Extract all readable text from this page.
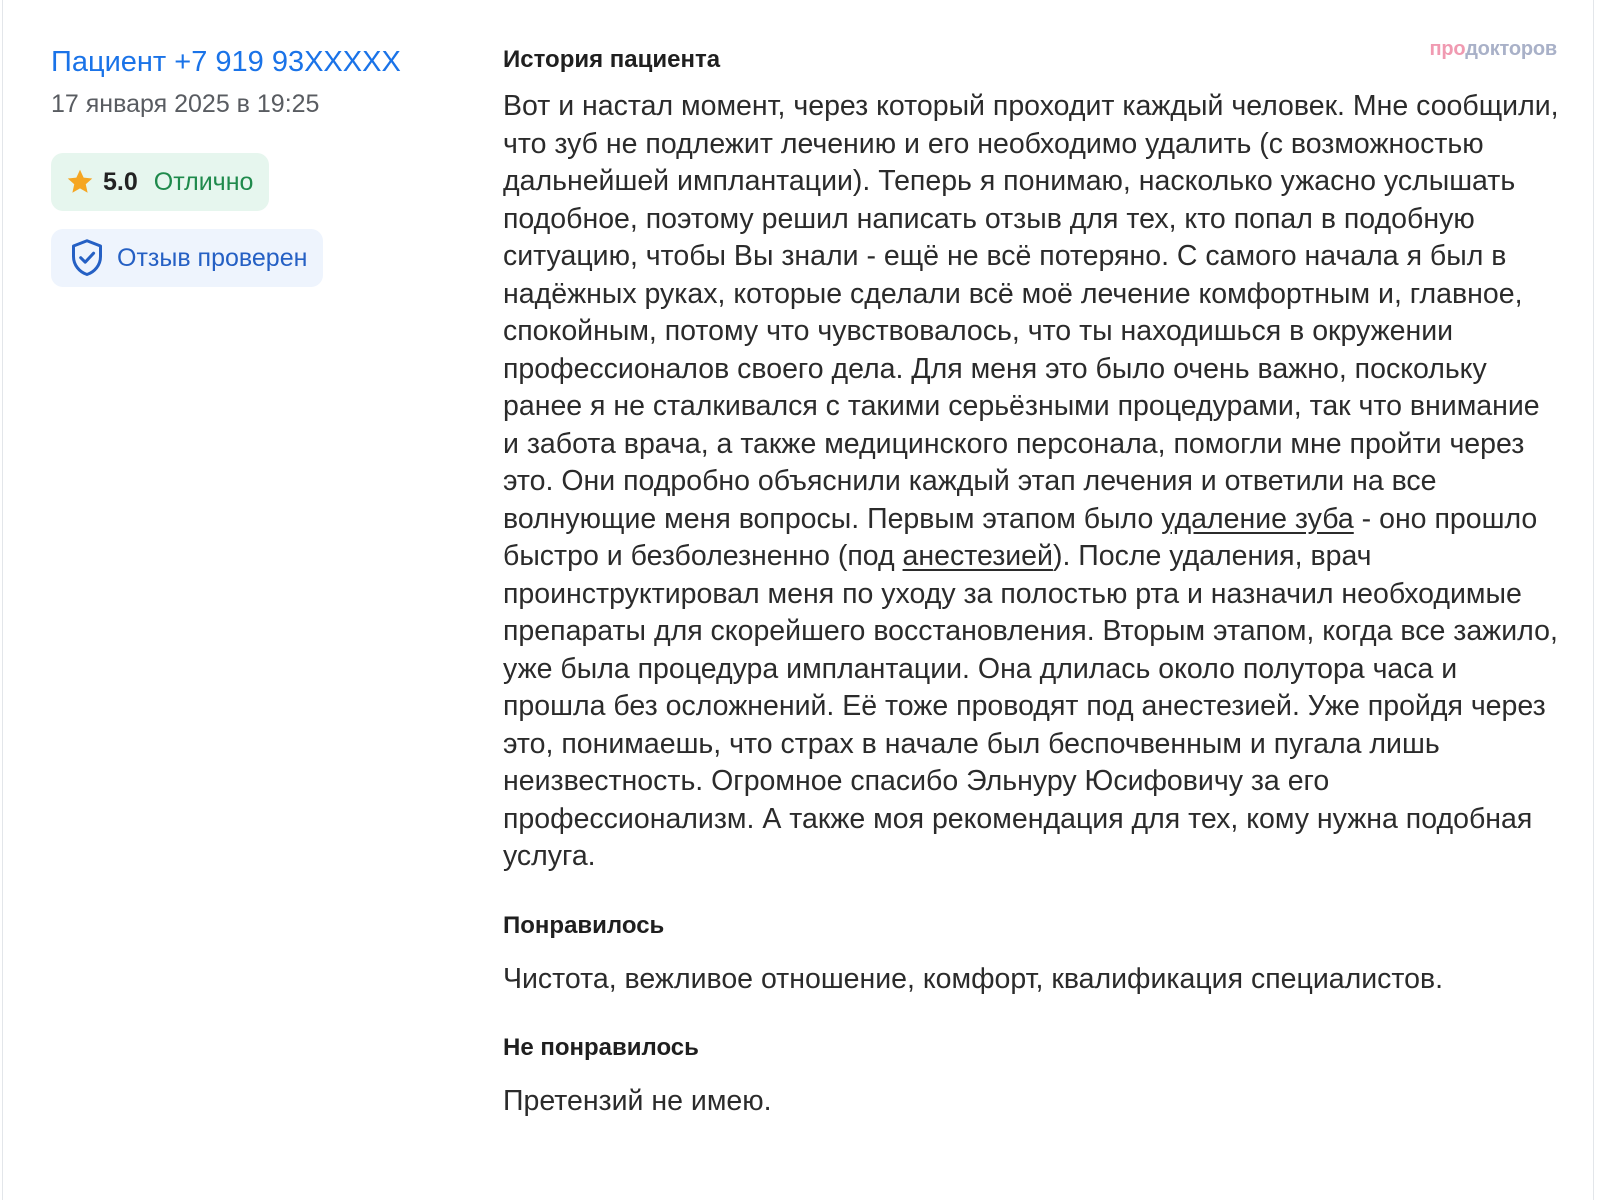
Пациент +7 919 93XXXXX
17 января 2025 в 19:25
5.0 Отлично
Отзыв проверен
продокторов
История пациента
Вот и настал момент, через который проходит каждый человек. Мне сообщили, что зуб не подлежит лечению и его необходимо удалить (с возможностью дальнейшей имплантации). Теперь я понимаю, насколько ужасно услышать подобное, поэтому решил написать отзыв для тех, кто попал в подобную ситуацию, чтобы Вы знали - ещё не всё потеряно. С самого начала я был в надёжных руках, которые сделали всё моё лечение комфортным и, главное, спокойным, потому что чувствовалось, что ты находишься в окружении профессионалов своего дела. Для меня это было очень важно, поскольку ранее я не сталкивался с такими серьёзными процедурами, так что внимание и забота врача, а также медицинского персонала, помогли мне пройти через это. Они подробно объяснили каждый этап лечения и ответили на все волнующие меня вопросы. Первым этапом было удаление зуба - оно прошло быстро и безболезненно (под анестезией). После удаления, врач проинструктировал меня по уходу за полостью рта и назначил необходимые препараты для скорейшего восстановления. Вторым этапом, когда все зажило, уже была процедура имплантации. Она длилась около полутора часа и прошла без осложнений. Её тоже проводят под анестезией. Уже пройдя через это, понимаешь, что страх в начале был беспочвенным и пугала лишь неизвестность. Огромное спасибо Эльнуру Юсифовичу за его профессионализм. А также моя рекомендация для тех, кому нужна подобная услуга.
Понравилось
Чистота, вежливое отношение, комфорт, квалификация специалистов.
Не понравилось
Претензий не имею.
